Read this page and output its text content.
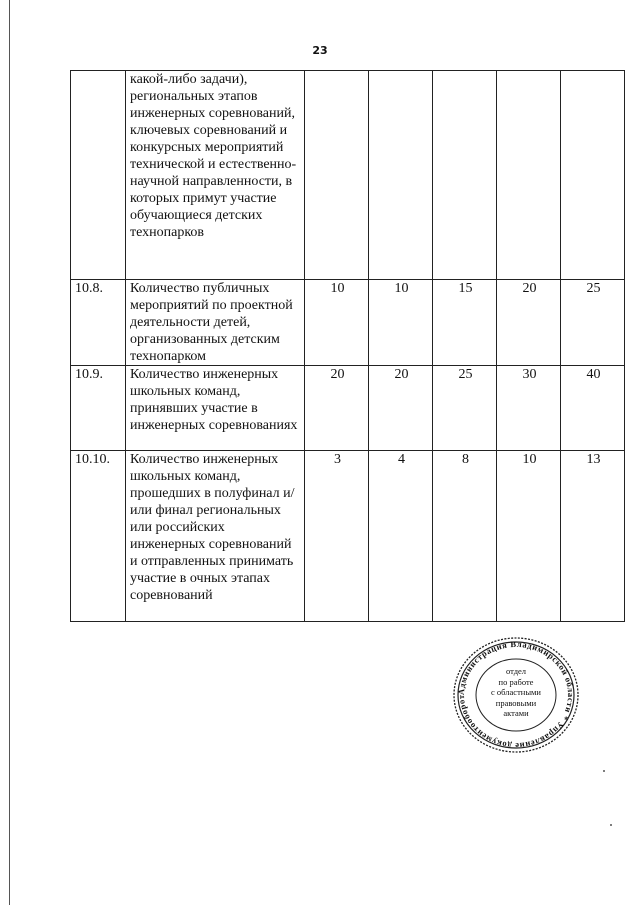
23
	какой-либо задачи), региональных этапов инженерных соревнований, ключевых соревнований и конкурсных мероприятий технической и естественно-научной направленности, в которых примут участие обучающиеся детских технопарков					
10.8.	Количество публичных мероприятий по проектной деятельности детей, организованных детским технопарком	10	10	15	20	25
10.9.	Количество инженерных школьных команд, принявших участие в инженерных соревнованиях	20	20	25	30	40
10.10.	Количество инженерных школьных команд, прошедших в полуфинал и/или финал региональных или российских инженерных соревнований и отправленных принимать участие в очных этапах соревнований	3	4	8	10	13
Администрация Владимирской области * Управление документооборот
отдел
по работе
с областными
правовыми
актами
